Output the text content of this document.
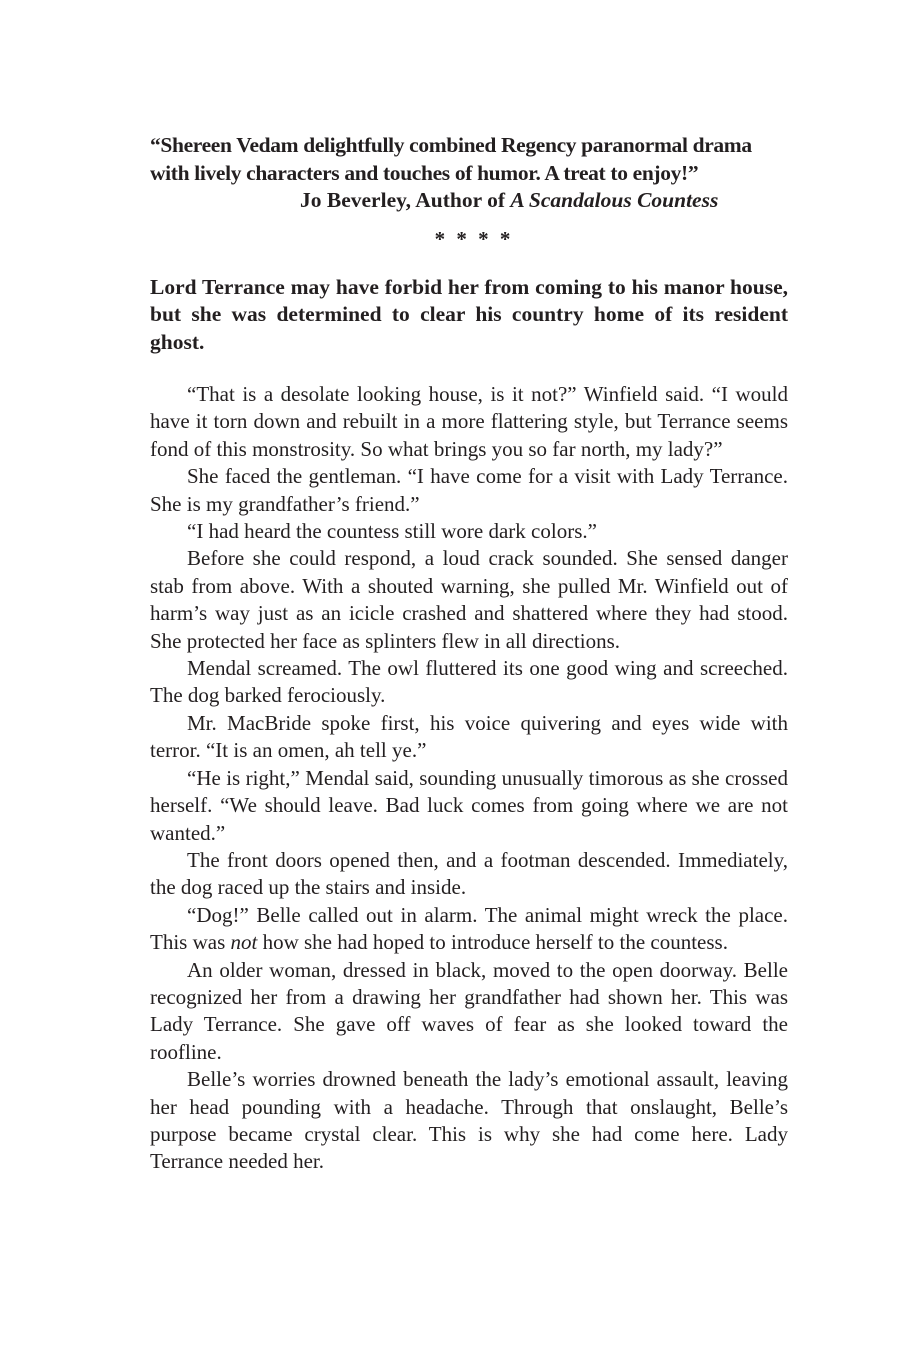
“Shereen Vedam delightfully combined Regency paranormal drama
with lively characters and touches of humor. A treat to enjoy!”
Jo Beverley, Author of A Scandalous Countess
* * * *

Lord Terrance may have forbid her from coming to his manor house, but she was determined to clear his country home of its resident ghost.

“That is a desolate looking house, is it not?” Winfield said. “I would have it torn down and rebuilt in a more flattering style, but Terrance seems fond of this monstrosity. So what brings you so far north, my lady?”

She faced the gentleman. “I have come for a visit with Lady Terrance. She is my grandfather’s friend.”

“I had heard the countess still wore dark colors.”

Before she could respond, a loud crack sounded. She sensed danger stab from above. With a shouted warning, she pulled Mr. Winfield out of harm’s way just as an icicle crashed and shattered where they had stood. She protected her face as splinters flew in all directions.

Mendal screamed. The owl fluttered its one good wing and screeched. The dog barked ferociously.

Mr. MacBride spoke first, his voice quivering and eyes wide with terror. “It is an omen, ah tell ye.”

“He is right,” Mendal said, sounding unusually timorous as she crossed herself. “We should leave. Bad luck comes from going where we are not wanted.”

The front doors opened then, and a footman descended. Immediately, the dog raced up the stairs and inside.

“Dog!” Belle called out in alarm. The animal might wreck the place. This was not how she had hoped to introduce herself to the countess.

An older woman, dressed in black, moved to the open doorway. Belle recognized her from a drawing her grandfather had shown her. This was Lady Terrance. She gave off waves of fear as she looked toward the roofline.

Belle’s worries drowned beneath the lady’s emotional assault, leaving her head pounding with a headache. Through that onslaught, Belle’s purpose became crystal clear. This is why she had come here. Lady Terrance needed her.
